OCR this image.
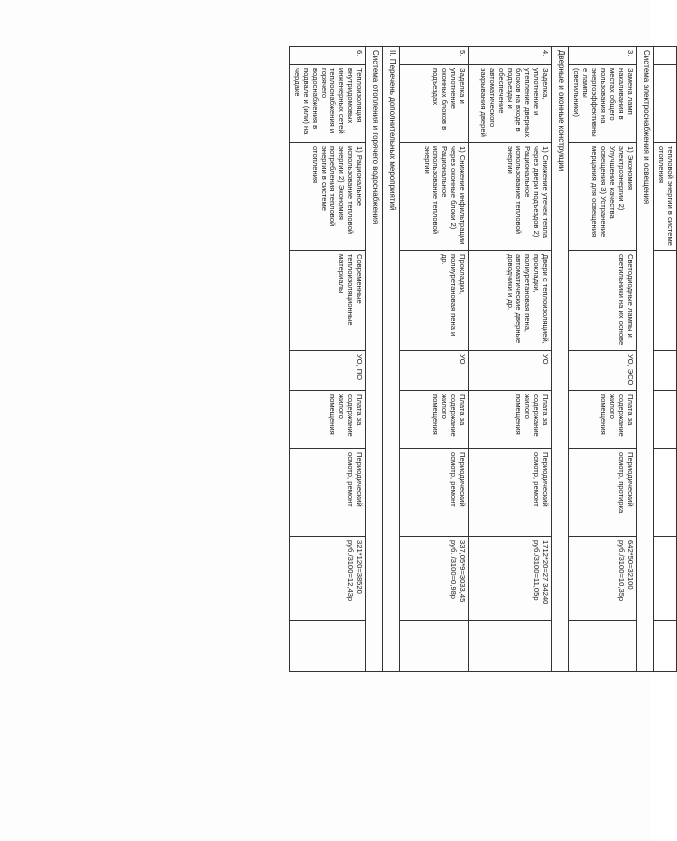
		тепловой энергии в системе отопления						
Система электроснабжения и освещения								
3.	Замена ламп накаливания в местах общего пользования на энергоэффективные лампы (светильники)	1) Экономия электроэнергии 2) Улучшение качества освещения 3) Устранение мерцания для освещения	Светодиодные лампы и светильники на их основе	УО, ЭСО	Плата за содержание жилого помещения	Периодический осмотр, протирка	642*50=32100 руб./3100=10,35р	
Дверные и оконные конструкции								
4.	Заделка, уплотнение и утепление дверных блоков на входе в подъезды и обеспечение автоматического закрывания дверей	1) Снижение утечек тепла через двери подъездов 2) Рациональное использование тепловой энергии	Двери с теплоизоляцией, прокладки, полиуретановая пена, автоматические дверные доводчики и др.	УО	Плата за содержание жилого помещения	Периодический осмотр, ремонт	1712*20=27 34240 руб./3100=11,05р	
5.	Заделка и уплотнение оконных блоков в подъездах	1) Снижение инфильтрации через оконные блоки 2) Рациональное использование тепловой энергии	Прокладки, полиуретановая пена и др.	УО	Плата за содержание жилого помещения	Периодический осмотр, ремонт	337,05*9=3033,45 руб. /3100=0,98р	
II. Перечень дополнительных мероприятий								
Система отопления и горячего водоснабжения								
6.	Теплоизоляция внутридомовых инженерных сетей теплоснабжения и горячего водоснабжения в подвале и (или) на чердаке	1) Рациональное использование тепловой энергии 2) Экономия потребления тепловой энергии в системе отопления	Современные теплоизоляционные материалы	УО, ПО	Плата за содержание жилого помещения	Периодический осмотр, ремонт	321*120=38520 руб./3100=12,43р	
